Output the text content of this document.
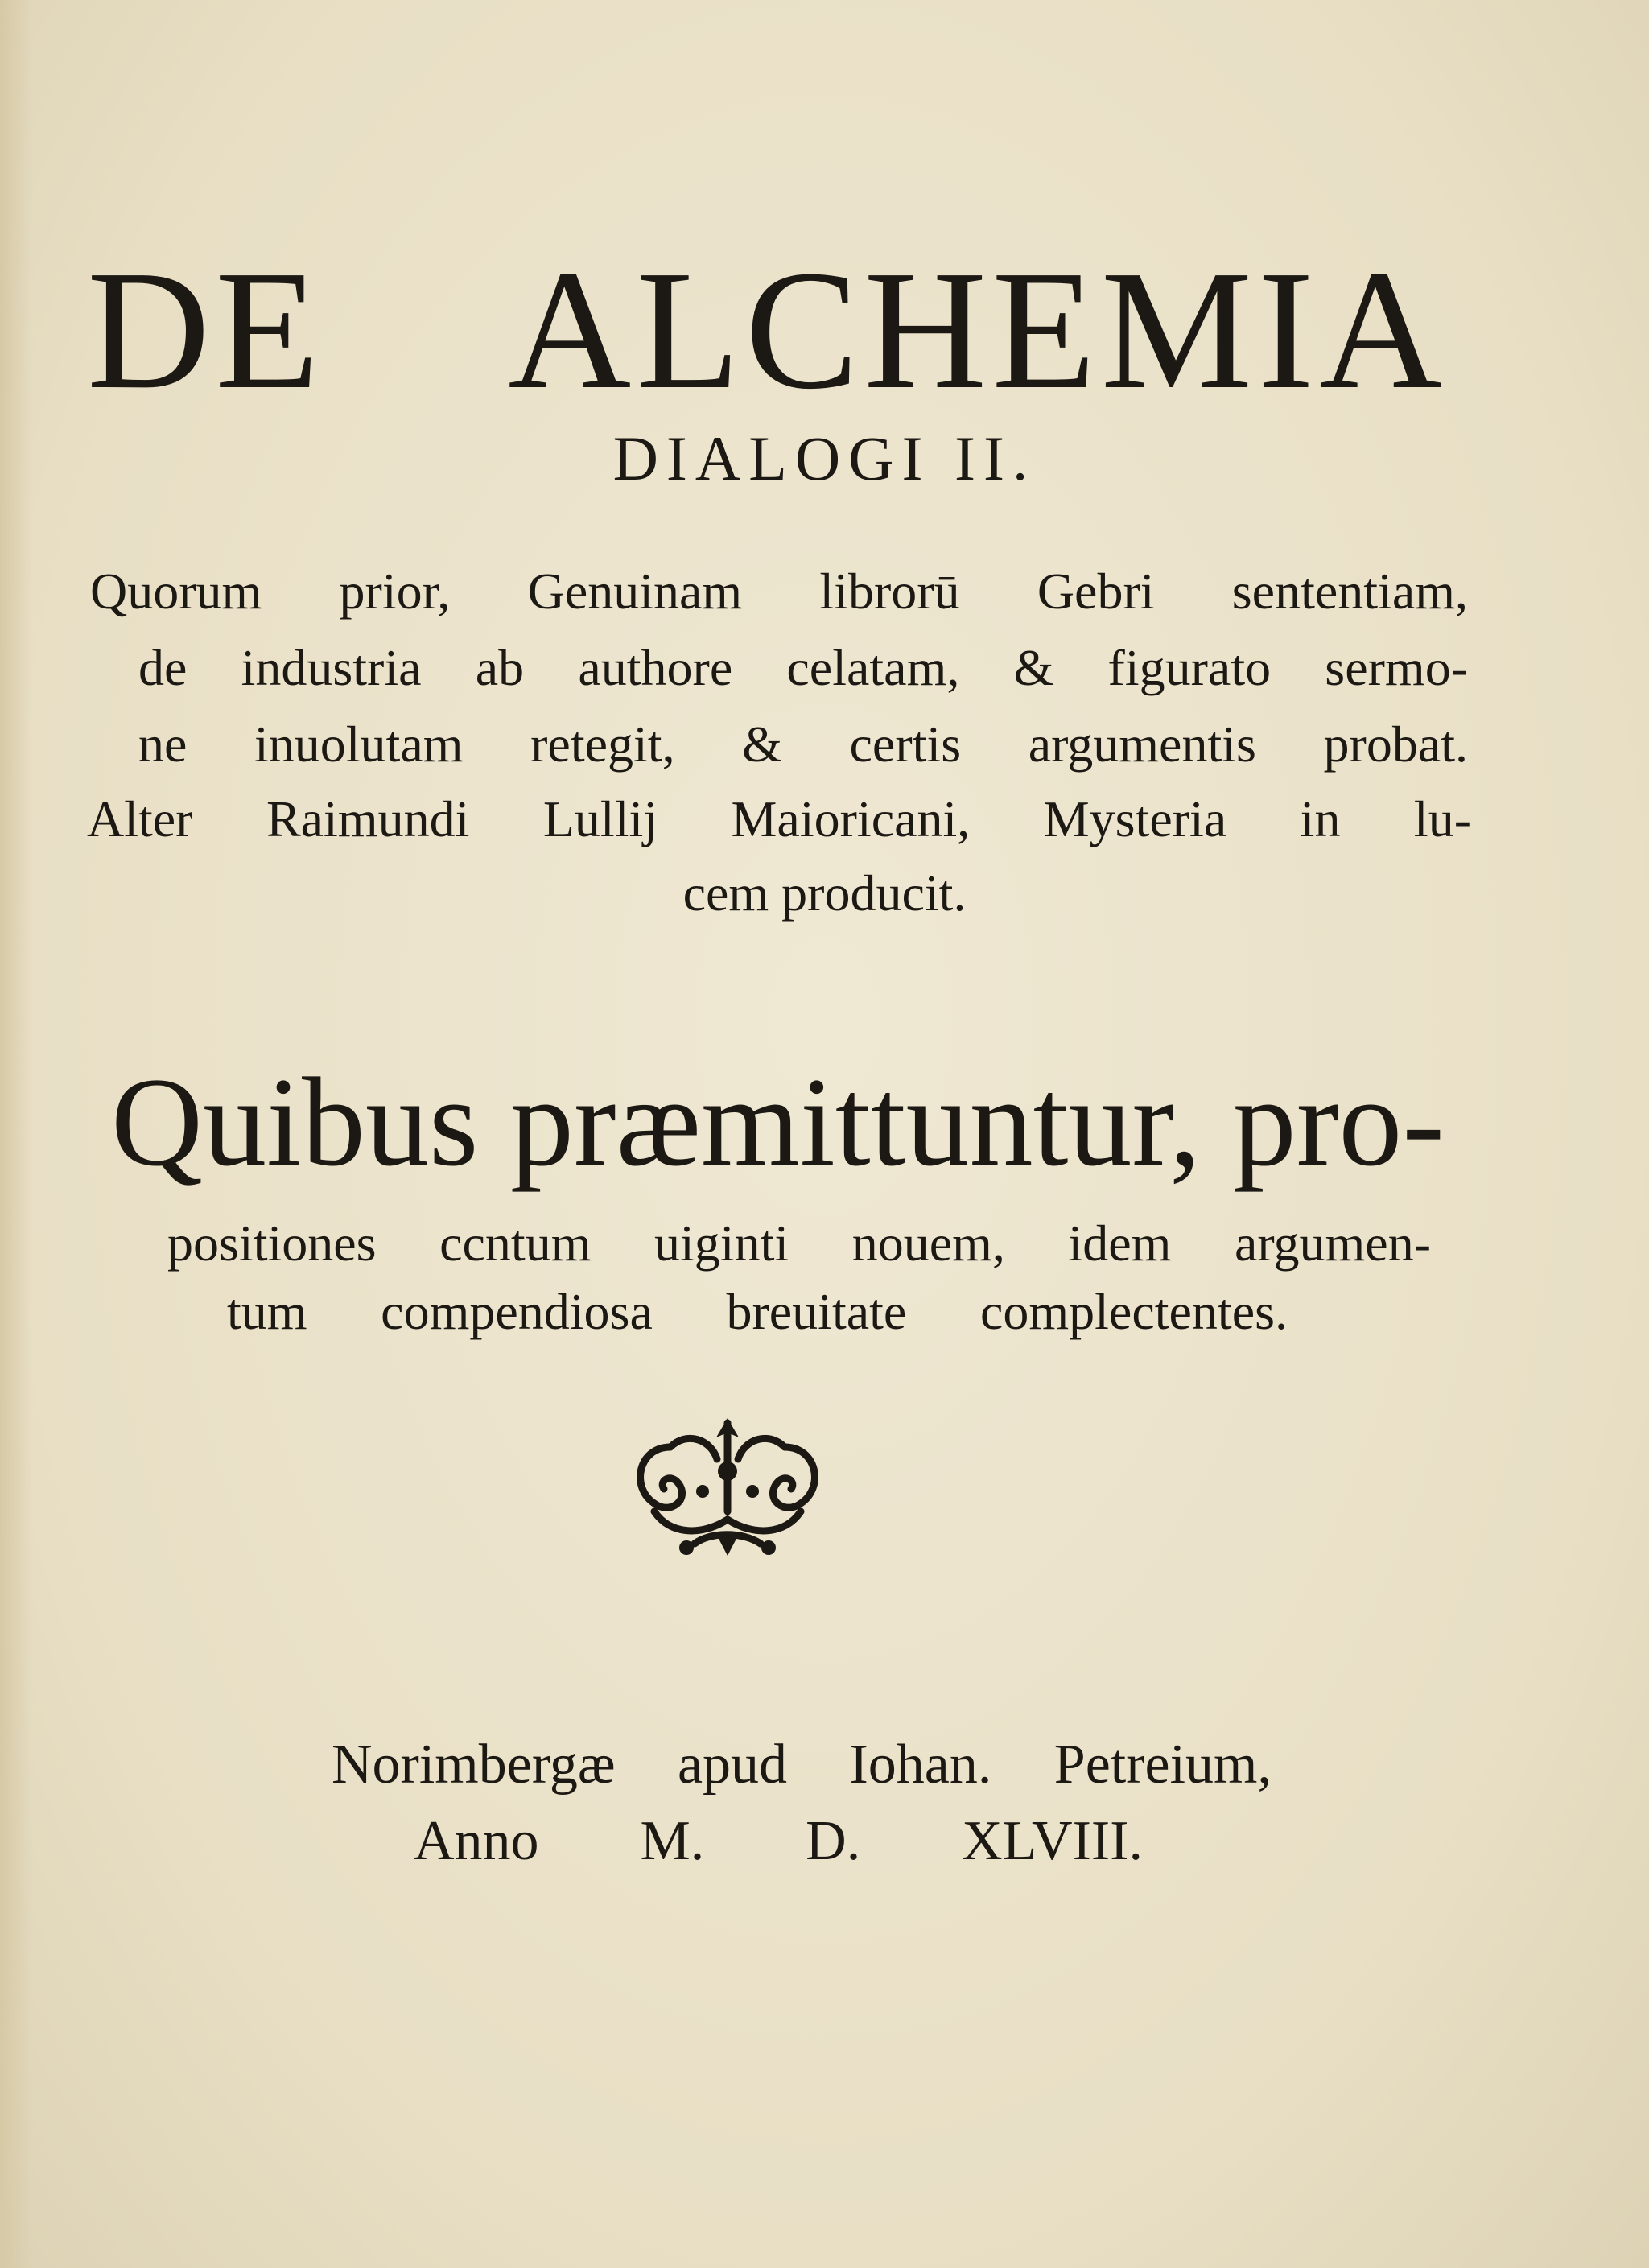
DE ALCHEMIA
DIALOGI II.
Quorum prior, Genuinam librorū Gebri sententiam,
de industria ab authore celatam, & figurato sermo-
ne inuolutam retegit, & certis argumentis probat.
Alter Raimundi Lullij Maioricani, Mysteria in lu-
cem producit.
Quibus præmittuntur, pro-
positiones ccntum uiginti nouem, idem argumen-
tum compendiosa breuitate complectentes.
Norimbergæ apud Iohan. Petreium,
Anno M. D. XLVIII.
